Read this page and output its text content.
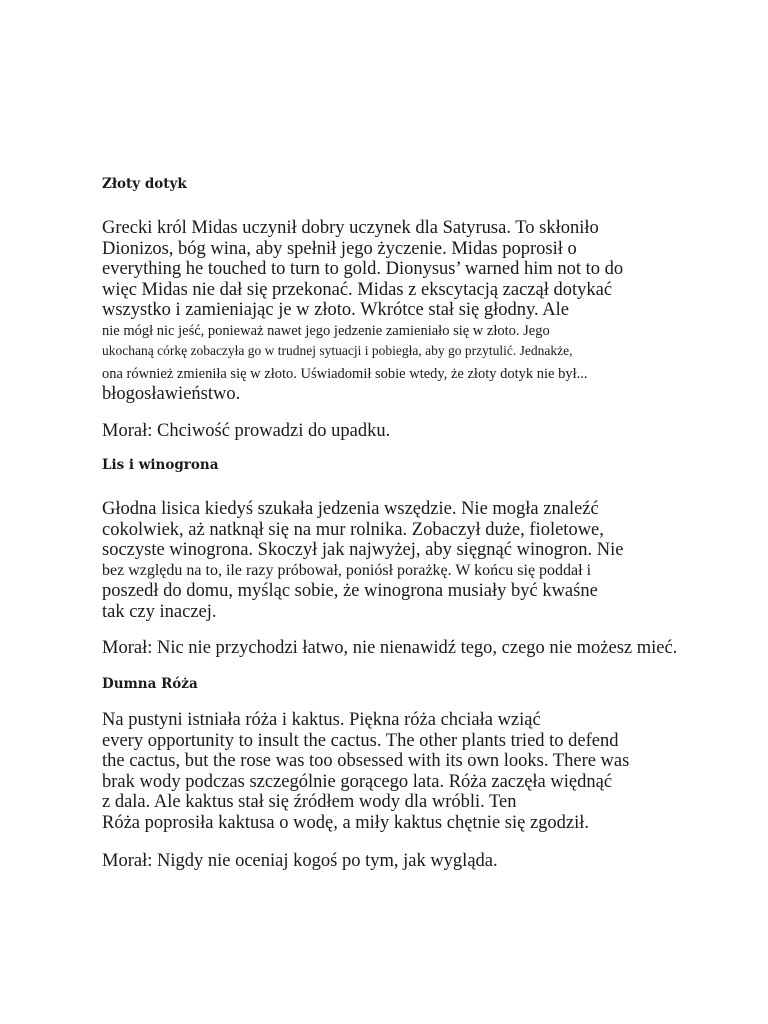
Złoty dotyk
Grecki król Midas uczynił dobry uczynek dla Satyrusa. To skłoniło
Dionizos, bóg wina, aby spełnił jego życzenie. Midas poprosił o
everything he touched to turn to gold. Dionysus’ warned him not to do
więc Midas nie dał się przekonać. Midas z ekscytacją zaczął dotykać
wszystko i zamieniając je w złoto. Wkrótce stał się głodny. Ale
nie mógł nic jeść, ponieważ nawet jego jedzenie zamieniało się w złoto. Jego
ukochaną córkę zobaczyła go w trudnej sytuacji i pobiegła, aby go przytulić. Jednakże,
ona również zmieniła się w złoto. Uświadomił sobie wtedy, że złoty dotyk nie był...
błogosławieństwo.
Morał: Chciwość prowadzi do upadku.
Lis i winogrona
Głodna lisica kiedyś szukała jedzenia wszędzie. Nie mogła znaleźć
cokolwiek, aż natknął się na mur rolnika. Zobaczył duże, fioletowe,
soczyste winogrona. Skoczył jak najwyżej, aby sięgnąć winogron. Nie
bez względu na to, ile razy próbował, poniósł porażkę. W końcu się poddał i
poszedł do domu, myśląc sobie, że winogrona musiały być kwaśne
tak czy inaczej.
Morał: Nic nie przychodzi łatwo, nie nienawidź tego, czego nie możesz mieć.
Dumna Róża
Na pustyni istniała róża i kaktus. Piękna róża chciała wziąć
every opportunity to insult the cactus. The other plants tried to defend
the cactus, but the rose was too obsessed with its own looks. There was
brak wody podczas szczególnie gorącego lata. Róża zaczęła więdnąć
z dala. Ale kaktus stał się źródłem wody dla wróbli. Ten
Róża poprosiła kaktusa o wodę, a miły kaktus chętnie się zgodził.
Morał: Nigdy nie oceniaj kogoś po tym, jak wygląda.
